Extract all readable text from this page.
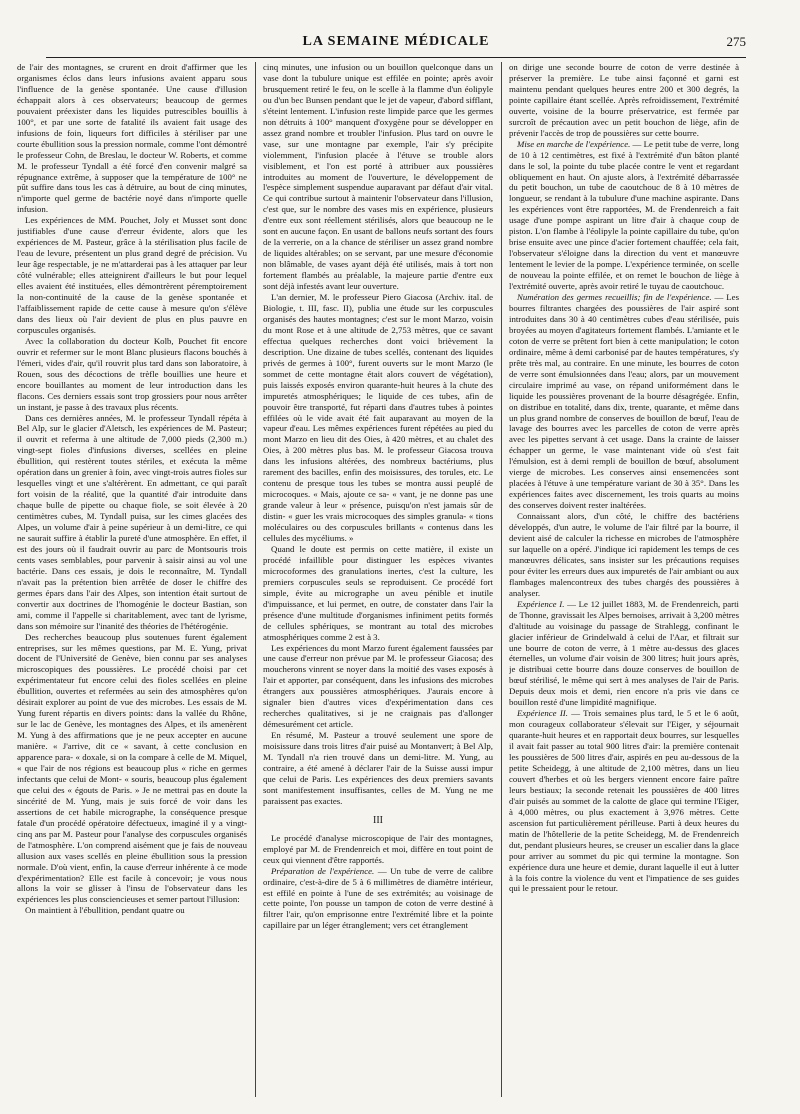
LA SEMAINE MÉDICALE	275

de l'air des montagnes, se crurent en droit d'affirmer que les organismes éclos dans leurs infusions avaient apparu sous l'influence de la genèse spontanée. Une cause d'illusion échappait alors à ces observateurs; beaucoup de germes pouvaient préexister dans les liquides putrescibles bouillis à 100°, et par une sorte de fatalité ils avaient fait usage des infusions de foin, liqueurs fort difficiles à stériliser par une courte ébullition sous la pression normale, comme l'ont démontré le professeur Cohn, de Breslau, le docteur W. Roberts, et comme M. le professeur Tyndall a été forcé d'en convenir malgré sa répugnance extrême, à supposer que la température de 100° ne pût suffire dans tous les cas à détruire, au bout de cinq minutes, n'importe quel germe de bactérie noyé dans n'importe quelle infusion.

Les expériences de MM. Pouchet, Joly et Musset sont donc justifiables d'une cause d'erreur évidente, alors que les expériences de M. Pasteur, grâce à la stérilisation plus facile de l'eau de levure, présentent un plus grand degré de précision. Vu leur âge respectable, je ne m'attarderai pas à les attaquer par leur côté vulnérable; elles atteignirent d'ailleurs le but pour lequel elles avaient été instituées, elles démontrèrent péremptoirement la non-continuité de la cause de la genèse spontanée et l'affaiblissement rapide de cette cause à mesure qu'on s'élève dans des lieux où l'air devient de plus en plus pauvre en corpuscules organisés.

Avec la collaboration du docteur Kolb, Pouchet fit encore ouvrir et refermer sur le mont Blanc plusieurs flacons bouchés à l'émeri, vides d'air, qu'il rouvrit plus tard dans son laboratoire, à Rouen, sous des décoctions de trèfle bouillies une heure et encore bouillantes au moment de leur introduction dans les flacons. Ces derniers essais sont trop grossiers pour nous arrêter un instant, je passe à des travaux plus récents.

Dans ces dernières années, M. le professeur Tyndall répéta à Bel Alp, sur le glacier d'Aletsch, les expériences de M. Pasteur; il ouvrit et referma à une altitude de 7,000 pieds (2,300 m.) vingt-sept fioles d'infusions diverses, scellées en pleine ébullition, qui restèrent toutes stériles, et exécuta la même opération dans un grenier à foin, avec vingt-trois autres fioles sur lesquelles vingt et une s'altérèrent. En admettant, ce qui paraît fort voisin de la réalité, que la quantité d'air introduite dans chaque bulle de pipette ou chaque fiole, se soit élevée à 20 centimètres cubes, M. Tyndall puisa, sur les cimes glacées des Alpes, un volume d'air à peine supérieur à un demi-litre, ce qui ne saurait suffire à établir la pureté d'une atmosphère. En effet, il est des jours où il faudrait ouvrir au parc de Montsouris trois cents vases semblables, pour parvenir à saisir ainsi au vol une bactérie. Dans ces essais, je dois le reconnaître, M. Tyndall n'avait pas la prétention bien arrêtée de doser le chiffre des germes épars dans l'air des Alpes, son intention était surtout de convertir aux doctrines de l'homogénie le docteur Bastian, son ami, comme il l'appelle si charitablement, avec tant de lyrisme, dans son mémoire sur l'inanité des théories de l'hétérogénie.

Des recherches beaucoup plus soutenues furent également entreprises, sur les mêmes questions, par M. E. Yung, privat docent de l'Université de Genève, bien connu par ses analyses microscopiques des poussières. Le procédé choisi par cet expérimentateur fut encore celui des fioles scellées en pleine ébullition, ouvertes et refermées au sein des atmosphères qu'on désirait explorer au point de vue des microbes. Les essais de M. Yung furent répartis en divers points: dans la vallée du Rhône, sur le lac de Genève, les montagnes des Alpes, et ils amenèrent M. Yung à des affirmations que je ne peux accepter en aucune manière. « J'arrive, dit ce « savant, à cette conclusion en apparence para- « doxale, si on la compare à celle de M. Miquel, « que l'air de nos régions est beaucoup plus « riche en germes infectants que celui de Mont- « souris, beaucoup plus également que celui des « égouts de Paris. » Je ne mettrai pas en doute la sincérité de M. Yung, mais je suis forcé de voir dans les assertions de cet habile micrographe, la conséquence presque fatale d'un procédé opératoire défectueux, imaginé il y a vingt-cinq ans par M. Pasteur pour l'analyse des corpuscules organisés de l'atmosphère. L'on comprend aisément que je fais de nouveau allusion aux vases scellés en pleine ébullition sous la pression normale. D'où vient, enfin, la cause d'erreur inhérente à ce mode d'expérimentation? Elle est facile à concevoir; je vous nous allons la voir se glisser à l'insu de l'observateur dans les expériences les plus consciencieuses et semer partout l'illusion:

On maintient à l'ébullition, pendant quatre ou

cinq minutes, une infusion ou un bouillon quelconque dans un vase dont la tubulure unique est effilée en pointe; après avoir brusquement retiré le feu, on le scelle à la flamme d'un éolipyle ou d'un bec Bunsen pendant que le jet de vapeur, d'abord sifflant, s'éteint lentement. L'infusion reste limpide parce que les germes non détruits à 100° manquent d'oxygène pour se développer en assez grand nombre et troubler l'infusion. Plus tard on ouvre le vase, sur une montagne par exemple, l'air s'y précipite violemment, l'infusion placée à l'étuve se trouble alors visiblement, et l'on est porté à attribuer aux poussières introduites au moment de l'ouverture, le développement de l'espèce simplement suspendue auparavant par défaut d'air vital. Ce qui contribue surtout à maintenir l'observateur dans l'illusion, c'est que, sur le nombre des vases mis en expérience, plusieurs d'entre eux sont réellement stérilisés, alors que beaucoup ne le sont en aucune façon. En usant de ballons neufs sortant des fours de la verrerie, on a la chance de stériliser un assez grand nombre de liquides altérables; on se servant, par une mesure d'économie non blâmable, de vases ayant déjà été utilisés, mais à tort non fortement flambés au préalable, la majeure partie d'entre eux sont déjà infestés avant leur ouverture.

L'an dernier, M. le professeur Piero Giacosa (Archiv. ital. de Biologie, t. III, fasc. II), publia une étude sur les corpuscules organisés des hautes montagnes; c'est sur le mont Marzo, voisin du mont Rose et à une altitude de 2,753 mètres, que ce savant effectua quelques recherches dont voici brièvement la description. Une dizaine de tubes scellés, contenant des liquides privés de germes à 100°, furent ouverts sur le mont Marzo (le sommet de cette montagne était alors couvert de végétation), puis laissés exposés environ quarante-huit heures à la chute des impuretés atmosphériques; le liquide de ces tubes, afin de pouvoir être transporté, fut réparti dans d'autres tubes à pointes effilées où le vide avait été fait auparavant au moyen de la vapeur d'eau. Les mêmes expériences furent répétées au pied du mont Marzo en lieu dit des Oies, à 420 mètres, et au chalet des Oies, à 200 mètres plus bas. M. le professeur Giacosa trouva dans les infusions altérées, des nombreux bactériums, plus rarement des bacilles, enfin des moisissures, des torules, etc. Le contenu de presque tous les tubes se montra aussi peuplé de microcoques. « Mais, ajoute ce sa- « vant, je ne donne pas une grande valeur à leur « présence, puisqu'on n'est jamais sûr de distin- « guer les vrais microcoques des simples granula- « tions moléculaires ou des corpuscules brillants « contenus dans les cellules des mycéliums. »

Quand le doute est permis on cette matière, il existe un procédé infaillible pour distinguer les espèces vivantes microcoformes des granulations inertes, c'est la culture, les premiers corpuscules seuls se reproduisent. Ce procédé fort simple, évite au micrographe un aveu pénible et inutile d'impuissance, et lui permet, en outre, de constater dans l'air la présence d'une multitude d'organismes infiniment petits formés de cellules sphériques, se montrant au total des microbes atmosphériques comme 2 est à 3.

Les expériences du mont Marzo furent également faussées par une cause d'erreur non prévue par M. le professeur Giacosa; des moucherons vinrent se noyer dans la moitié des vases exposés à l'air et apporter, par conséquent, dans les infusions des microbes étrangers aux poussières atmosphériques. J'aurais encore à signaler bien d'autres vices d'expérimentation dans ces recherches qualitatives, si je ne craignais pas d'allonger démesurément cet article.

En résumé, M. Pasteur a trouvé seulement une spore de moisissure dans trois litres d'air puisé au Montanvert; à Bel Alp, M. Tyndall n'a rien trouvé dans un demi-litre. M. Yung, au contraire, a été amené à déclarer l'air de la Suisse aussi impur que celui de Paris. Les expériences des deux premiers savants sont manifestement insuffisantes, celles de M. Yung ne me paraissent pas exactes.

III

Le procédé d'analyse microscopique de l'air des montagnes, employé par M. de Frendenreich et moi, diffère en tout point de ceux qui viennent d'être rapportés.

Préparation de l'expérience. — Un tube de verre de calibre ordinaire, c'est-à-dire de 5 à 6 millimètres de diamètre intérieur, est effilé en pointe à l'une de ses extrémités; au voisinage de cette pointe, l'on pousse un tampon de coton de verre destiné à filtrer l'air, qu'on emprisonne entre l'extrémité libre et la pointe capillaire par un léger étranglement; vers cet étranglement

on dirige une seconde bourre de coton de verre destinée à préserver la première. Le tube ainsi façonné et garni est maintenu pendant quelques heures entre 200 et 300 degrés, la pointe capillaire étant scellée. Après refroidissement, l'extrémité ouverte, voisine de la bourre préservatrice, est fermée par surcroît de précaution avec un petit bouchon de liège, afin de prévenir l'accès de trop de poussières sur cette bourre.

Mise en marche de l'expérience. — Le petit tube de verre, long de 10 à 12 centimètres, est fixé à l'extrémité d'un bâton planté dans le sol, la pointe du tube placée contre le vent et regardant obliquement en haut. On ajuste alors, à l'extrémité débarrassée du petit bouchon, un tube de caoutchouc de 8 à 10 mètres de longueur, se rendant à la tubulure d'une machine aspirante. Dans les expériences vont être rapportées, M. de Frendenreich a fait usage d'une pompe aspirant un litre d'air à chaque coup de piston. L'on flambe à l'éolipyle la pointe capillaire du tube, qu'on brise ensuite avec une pince d'acier fortement chauffée; cela fait, l'observateur s'éloigne dans la direction du vent et manœuvre lentement le levier de la pompe. L'expérience terminée, on scelle de nouveau la pointe effilée, et on remet le bouchon de liège à l'extrémité ouverte, après avoir retiré le tuyau de caoutchouc.

Numération des germes recueillis; fin de l'expérience. — Les bourres filtrantes chargées des poussières de l'air aspiré sont introduites dans 30 à 40 centimètres cubes d'eau stérilisée, puis broyées au moyen d'agitateurs fortement flambés. L'amiante et le coton de verre se prêtent fort bien à cette manipulation; le coton ordinaire, même à demi carbonisé par de hautes températures, s'y prête très mal, au contraire. En une minute, les bourres de coton de verre sont émulsionnées dans l'eau; alors, par un mouvement circulaire imprimé au vase, on répand uniformément dans le liquide les poussières provenant de la bourre désagrégée. Enfin, on distribue en totalité, dans dix, trente, quarante, et même dans un plus grand nombre de conserves de bouillon de bœuf, l'eau de lavage des bourres avec les parcelles de coton de verre après avec les pipettes servant à cet usage. Dans la crainte de laisser échapper un germe, le vase maintenant vide où s'est fait l'émulsion, est à demi rempli de bouillon de bœuf, absolument vierge de microbes. Les conserves ainsi ensemencées sont placées à l'étuve à une température variant de 30 à 35°. Dans les expériences faites avec discernement, les trois quarts au moins des conserves doivent rester inaltérées.

Connaissant alors, d'un côté, le chiffre des bactériens développés, d'un autre, le volume de l'air filtré par la bourre, il devient aisé de calculer la richesse en microbes de l'atmosphère sur laquelle on a opéré. J'indique ici rapidement les temps de ces manœuvres délicates, sans insister sur les précautions requises pour éviter les erreurs dues aux impuretés de l'air ambiant ou aux flambages malencontreux des tubes chargés des poussières à analyser.

Expérience I. — Le 12 juillet 1883, M. de Frendenreich, parti de Thonne, gravissait les Alpes bernoises, arrivait à 3,200 mètres d'altitude au voisinage du passage de Strahlegg, confinant le glacier inférieur de Grindelwald à celui de l'Aar, et filtrait sur une bourre de coton de verre, à 1 mètre au-dessus des glaces éternelles, un volume d'air voisin de 300 litres; huit jours après, je distribuai cette bourre dans douze conserves de bouillon de bœuf stérilisé, le même qui sert à mes analyses de l'air de Paris. Depuis deux mois et demi, rien encore n'a pris vie dans ce bouillon resté d'une limpidité magnifique.

Expérience II. — Trois semaines plus tard, le 5 et le 6 août, mon courageux collaborateur s'élevait sur l'Eiger, y séjournait quarante-huit heures et en rapportait deux bourres, sur lesquelles il avait fait passer au total 900 litres d'air: la première contenait les poussières de 500 litres d'air, aspirés en peu au-dessous de la petite Scheidegg, à une altitude de 2,100 mètres, dans un lieu couvert d'herbes et où les bergers viennent encore faire paître leurs bestiaux; la seconde retenait les poussières de 400 litres d'air puisés au sommet de la calotte de glace qui termine l'Eiger, à 4,000 mètres, ou plus exactement à 3,976 mètres. Cette ascension fut particulièrement périlleuse. Parti à deux heures du matin de l'hôtellerie de la petite Scheidegg, M. de Frendenreich dut, pendant plusieurs heures, se creuser un escalier dans la glace pour arriver au sommet du pic qui termine la montagne. Son expérience dura une heure et demie, durant laquelle il eut à lutter à la fois contre la violence du vent et l'impatience de ses guides qui le pressaient pour le retour.
